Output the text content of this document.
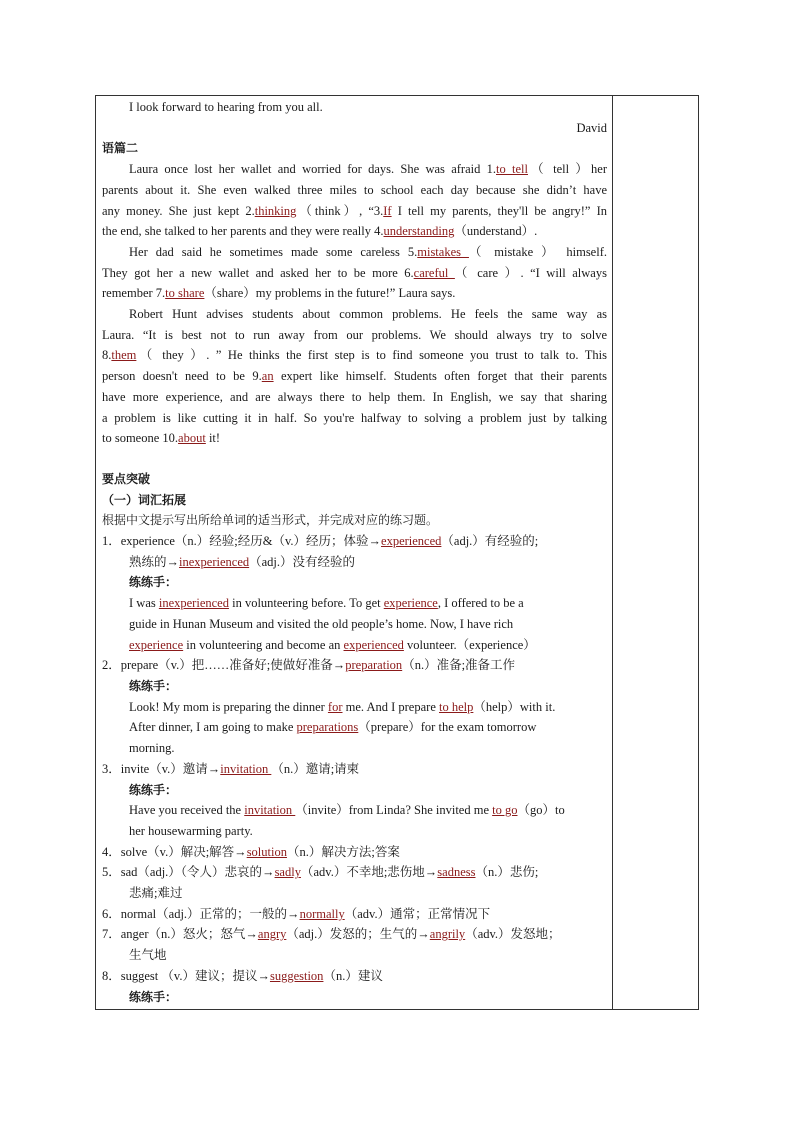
I look forward to hearing from you all.
David
语篇二
Laura once lost her wallet and worried for days. She was afraid 1.to tell（ tell ）her
parents about it. She even walked three miles to school each day because she didn’t have
any money. She just kept 2.thinking（think）, “3.If I tell my parents, they'll be angry!” In
the end, she talked to her parents and they were really 4.understanding（understand）.
Her dad said he sometimes made some careless 5.mistakes （ mistake ） himself.
They got her a new wallet and asked her to be more 6.careful （ care ）. “I will always
remember 7.to share（share）my problems in the future!” Laura says.
Robert Hunt advises students about common problems. He feels the same way as
Laura. “It is best not to run away from our problems. We should always try to solve
8.them（ they ）. ” He thinks the first step is to find someone you trust to talk to. This
person doesn't need to be 9.an expert like himself. Students often forget that their parents
have more experience, and are always there to help them. In English, we say that sharing
a problem is like cutting it in half. So you're halfway to solving a problem just by talking
to someone 10.about it!
要点突破
（一）词汇拓展
根据中文提示写出所给单词的适当形式，并完成对应的练习题。
1．experience（n.）经验;经历&（v.）经历；体验→experienced（adj.）有经验的;
熟练的→inexperienced（adj.）没有经验的
练练手：
I was inexperienced in volunteering before. To get experience, I offered to be a
guide in Hunan Museum and visited the old people’s home. Now, I have rich
experience in volunteering and become an experienced volunteer.（experience）
2．prepare（v.）把……准备好;使做好准备→preparation（n.）准备;准备工作
练练手：
Look! My mom is preparing the dinner for me. And I prepare to help（help）with it.
After dinner, I am going to make preparations（prepare）for the exam tomorrow
morning.
3．invite（v.）邀请→invitation （n.）邀请;请柬
练练手：
Have you received the invitation （invite）from Linda? She invited me to go（go）to
her housewarming party.
4．solve（v.）解决;解答→solution（n.）解决方法;答案
5．sad（adj.）（令人）悲哀的→sadly（adv.）不幸地;悲伤地→sadness（n.）悲伤;
悲痛;难过
6．normal（adj.）正常的；一般的→normally（adv.）通常；正常情况下
7．anger（n.）怒火；怒气→angry（adj.）发怒的；生气的→angrily（adv.）发怒地；
生气地
8．suggest （v.）建议；提议→suggestion（n.）建议
练练手：
